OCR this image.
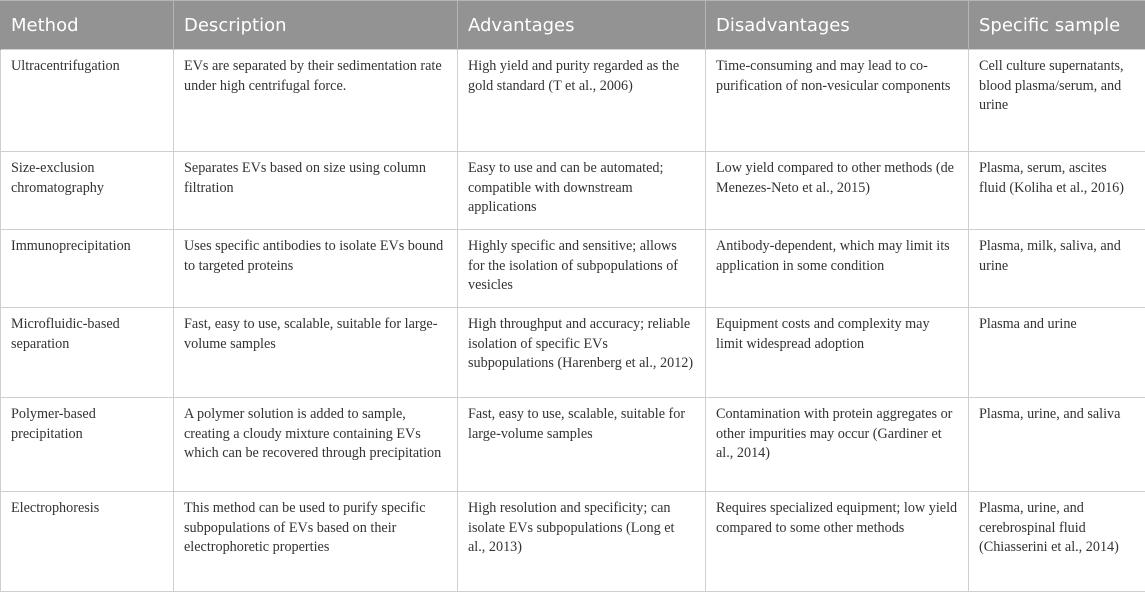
Method	Description	Advantages	Disadvantages	Specific sample
Ultracentrifugation	EVs are separated by their sedimentation rate under high centrifugal force.	High yield and purity regarded as the gold standard (T et al., 2006)	Time-consuming and may lead to co-purification of non-vesicular components	Cell culture supernatants, blood plasma/serum, and urine
Size-exclusion chromatography	Separates EVs based on size using column filtration	Easy to use and can be automated; compatible with downstream applications	Low yield compared to other methods (de Menezes-Neto et al., 2015)	Plasma, serum, ascites fluid (Koliha et al., 2016)
Immunoprecipitation	Uses specific antibodies to isolate EVs bound to targeted proteins	Highly specific and sensitive; allows for the isolation of subpopulations of vesicles	Antibody-dependent, which may limit its application in some condition	Plasma, milk, saliva, and urine
Microfluidic-based separation	Fast, easy to use, scalable, suitable for large-volume samples	High throughput and accuracy; reliable isolation of specific EVs subpopulations (Harenberg et al., 2012)	Equipment costs and complexity may limit widespread adoption	Plasma and urine
Polymer-based precipitation	A polymer solution is added to sample, creating a cloudy mixture containing EVs which can be recovered through precipitation	Fast, easy to use, scalable, suitable for large-volume samples	Contamination with protein aggregates or other impurities may occur (Gardiner et al., 2014)	Plasma, urine, and saliva
Electrophoresis	This method can be used to purify specific subpopulations of EVs based on their electrophoretic properties	High resolution and specificity; can isolate EVs subpopulations (Long et al., 2013)	Requires specialized equipment; low yield compared to some other methods	Plasma, urine, and cerebrospinal fluid (Chiasserini et al., 2014)
